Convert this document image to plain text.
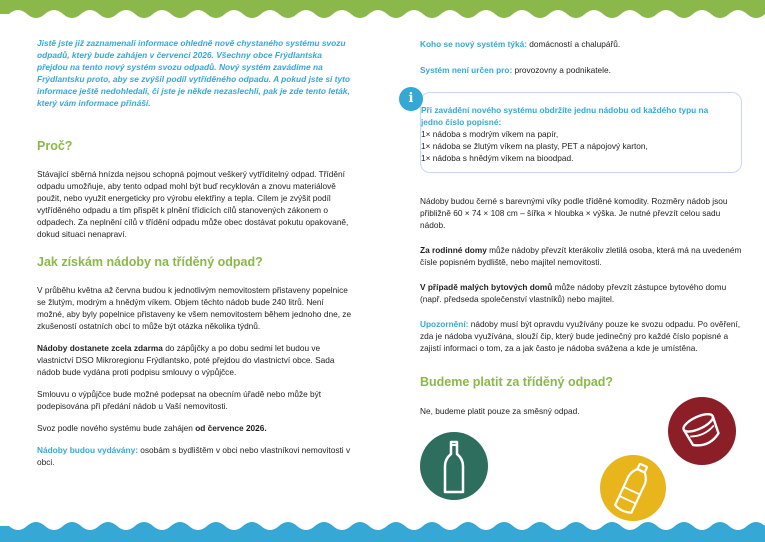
Jistě jste již zaznamenali informace ohledně nově chystaného systému svozu odpadů, který bude zahájen v červenci 2026. Všechny obce Frýdlantska přejdou na tento nový systém svozu odpadů. Nový systém zavádíme na Frýdlantsku proto, aby se zvýšil podíl vytříděného odpadu. A pokud jste si tyto informace ještě nedohledali, či jste je někde nezaslechli, pak je zde tento leták, který vám informace přináší.

Proč?

Stávající sběrná hnízda nejsou schopná pojmout veškerý vytříditelný odpad. Třídění odpadu umožňuje, aby tento odpad mohl být buď recyklován a znovu materiálově použit, nebo využit energeticky pro výrobu elektřiny a tepla. Cílem je zvýšit podíl vytříděného odpadu a tím přispět k plnění třídicích cílů stanovených zákonem o odpadech. Za neplnění cílů v třídění odpadu může obec dostávat pokutu opakovaně, dokud situaci nenapraví.

Jak získám nádoby na tříděný odpad?

V průběhu května až června budou k jednotlivým nemovitostem přistaveny popelnice se žlutým, modrým a hnědým víkem. Objem těchto nádob bude 240 litrů. Není možné, aby byly popelnice přistaveny ke všem nemovitostem během jednoho dne, ze zkušeností ostatních obcí to může být otázka několika týdnů.

Nádoby dostanete zcela zdarma do zápůjčky a po dobu sedmi let budou ve vlastnictví DSO Mikroregionu Frýdlantsko, poté přejdou do vlastnictví obce. Sada nádob bude vydána proti podpisu smlouvy o výpůjčce.

Smlouvu o výpůjčce bude možné podepsat na obecním úřadě nebo může být podepisována při předání nádob u Vaší nemovitosti.

Svoz podle nového systému bude zahájen od července 2026.

Nádoby budou vydávány: osobám s bydlištěm v obci nebo vlastníkovi nemovitosti v obci.

Koho se nový systém týká: domácností a chalupářů.

Systém není určen pro: provozovny a podnikatele.

i
Při zavádění nového systému obdržíte jednu nádobu od každého typu na jedno číslo popisné:
1× nádoba s modrým víkem na papír,
1× nádoba se žlutým víkem na plasty, PET a nápojový karton,
1× nádoba s hnědým víkem na bioodpad.

Nádoby budou černé s barevnými víky podle tříděné komodity. Rozměry nádob jsou přibližně 60 × 74 × 108 cm – šířka × hloubka × výška. Je nutné převzít celou sadu nádob.

Za rodinné domy může nádoby převzít kterákoliv zletilá osoba, která má na uvedeném čísle popisném bydliště, nebo majitel nemovitosti.

V případě malých bytových domů může nádoby převzít zástupce bytového domu (např. předseda společenství vlastníků) nebo majitel.

Upozornění: nádoby musí být opravdu využívány pouze ke svozu odpadu. Po ověření, zda je nádoba využívána, slouží čip, který bude jedinečný pro každé číslo popisné a zajistí informaci o tom, za a jak často je nádoba svážena a kde je umístěna.

Budeme platit za tříděný odpad?

Ne, budeme platit pouze za směsný odpad.
